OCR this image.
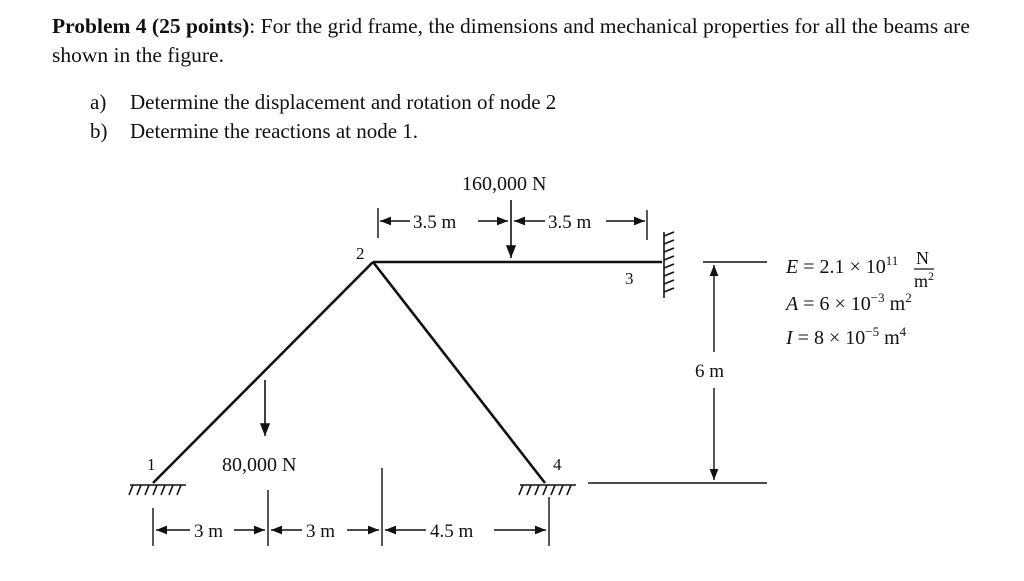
Problem 4 (25 points): For the grid frame, the dimensions and mechanical properties for all the beams are shown in the figure.
a)	Determine the displacement and rotation of node 2
b)	Determine the reactions at node 1.
1
2
3
4
160,000 N
80,000 N
3.5 m	3.5 m
6 m
3 m	3 m	4.5 m
$E = 2.1 \times 10^{11}$ N
$m^2$
$A = 6 \times 10^{-3}$ $m^2$
$I = 8 \times 10^{-5}$ $m^4$
